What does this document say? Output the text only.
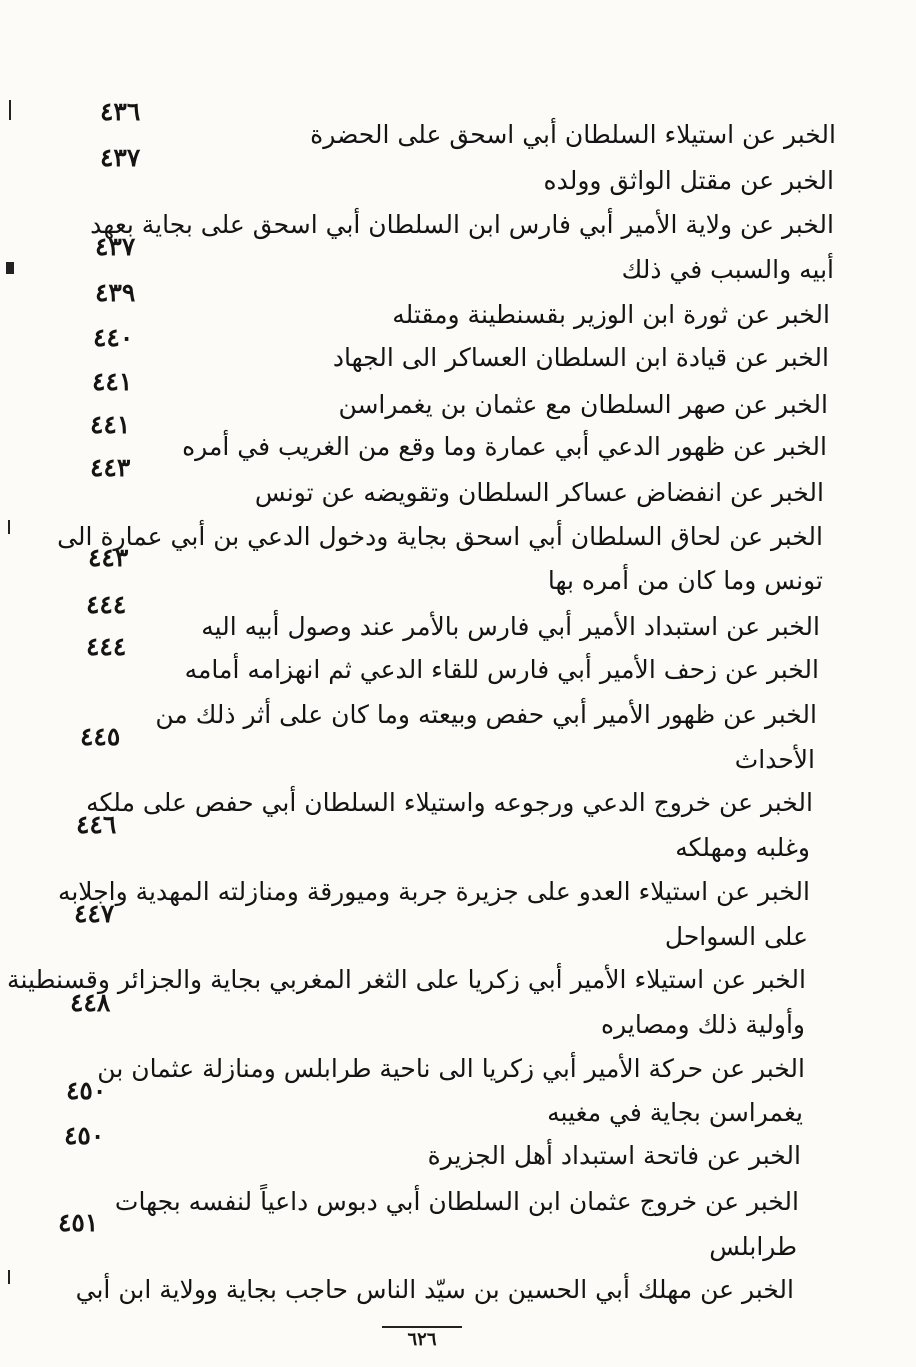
الخبر عن استيلاء السلطان أبي اسحق على الحضرة
٤٣٦
الخبر عن مقتل الواثق وولده
٤٣٧
الخبر عن ولاية الأمير أبي فارس ابن السلطان أبي اسحق على بجاية بعهد
أبيه والسبب في ذلك
٤٣٧
الخبر عن ثورة ابن الوزير بقسنطينة ومقتله
٤٣٩
الخبر عن قيادة ابن السلطان العساكر الى الجهاد
٤٤٠
الخبر عن صهر السلطان مع عثمان بن يغمراسن
٤٤١
الخبر عن ظهور الدعي أبي عمارة وما وقع من الغريب في أمره
٤٤١
الخبر عن انفضاض عساكر السلطان وتقويضه عن تونس
٤٤٣
الخبر عن لحاق السلطان أبي اسحق بجاية ودخول الدعي بن أبي عمارة الى
تونس وما كان من أمره بها
٤٤٣
الخبر عن استبداد الأمير أبي فارس بالأمر عند وصول أبيه اليه
٤٤٤
الخبر عن زحف الأمير أبي فارس للقاء الدعي ثم انهزامه أمامه
٤٤٤
الخبر عن ظهور الأمير أبي حفص وبيعته وما كان على أثر ذلك من
الأحداث
٤٤٥
الخبر عن خروج الدعي ورجوعه واستيلاء السلطان أبي حفص على ملكه
وغلبه ومهلكه
٤٤٦
الخبر عن استيلاء العدو على جزيرة جربة وميورقة ومنازلته المهدية واجلابه
على السواحل
٤٤٧
الخبر عن استيلاء الأمير أبي زكريا على الثغر المغربي بجاية والجزائر وقسنطينة
وأولية ذلك ومصايره
٤٤٨
الخبر عن حركة الأمير أبي زكريا الى ناحية طرابلس ومنازلة عثمان بن
يغمراسن بجاية في مغيبه
٤٥٠
الخبر عن فاتحة استبداد أهل الجزيرة
٤٥٠
الخبر عن خروج عثمان ابن السلطان أبي دبوس داعياً لنفسه بجهات
طرابلس
٤٥١
الخبر عن مهلك أبي الحسين بن سيّد الناس حاجب بجاية وولاية ابن أبي
٦٢٦
